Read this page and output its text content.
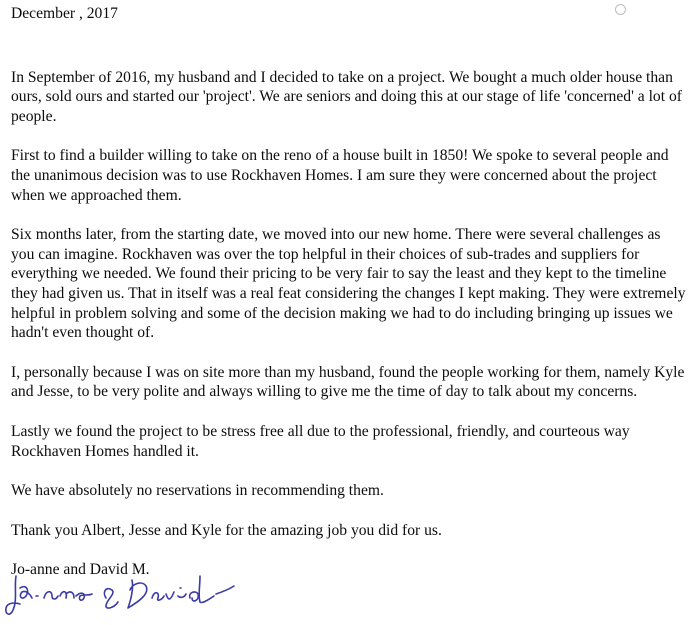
December , 2017

In September of 2016, my husband and I decided to take on a project. We bought a much older house than ours, sold ours and started our 'project'. We are seniors and doing this at our stage of life 'concerned' a lot of people.

First to find a builder willing to take on the reno of a house built in 1850! We spoke to several people and the unanimous decision was to use Rockhaven Homes. I am sure they were concerned about the project when we approached them.

Six months later, from the starting date, we moved into our new home. There were several challenges as you can imagine. Rockhaven was over the top helpful in their choices of sub-trades and suppliers for everything we needed. We found their pricing to be very fair to say the least and they kept to the timeline they had given us. That in itself was a real feat considering the changes I kept making. They were extremely helpful in problem solving and some of the decision making we had to do including bringing up issues we hadn't even thought of.

I, personally because I was on site more than my husband, found the people working for them, namely Kyle and Jesse, to be very polite and always willing to give me the time of day to talk about my concerns.

Lastly we found the project to be stress free all due to the professional, friendly, and courteous way Rockhaven Homes handled it.

We have absolutely no reservations in recommending them.

Thank you Albert, Jesse and Kyle for the amazing job you did for us.

Jo-anne and David M.
